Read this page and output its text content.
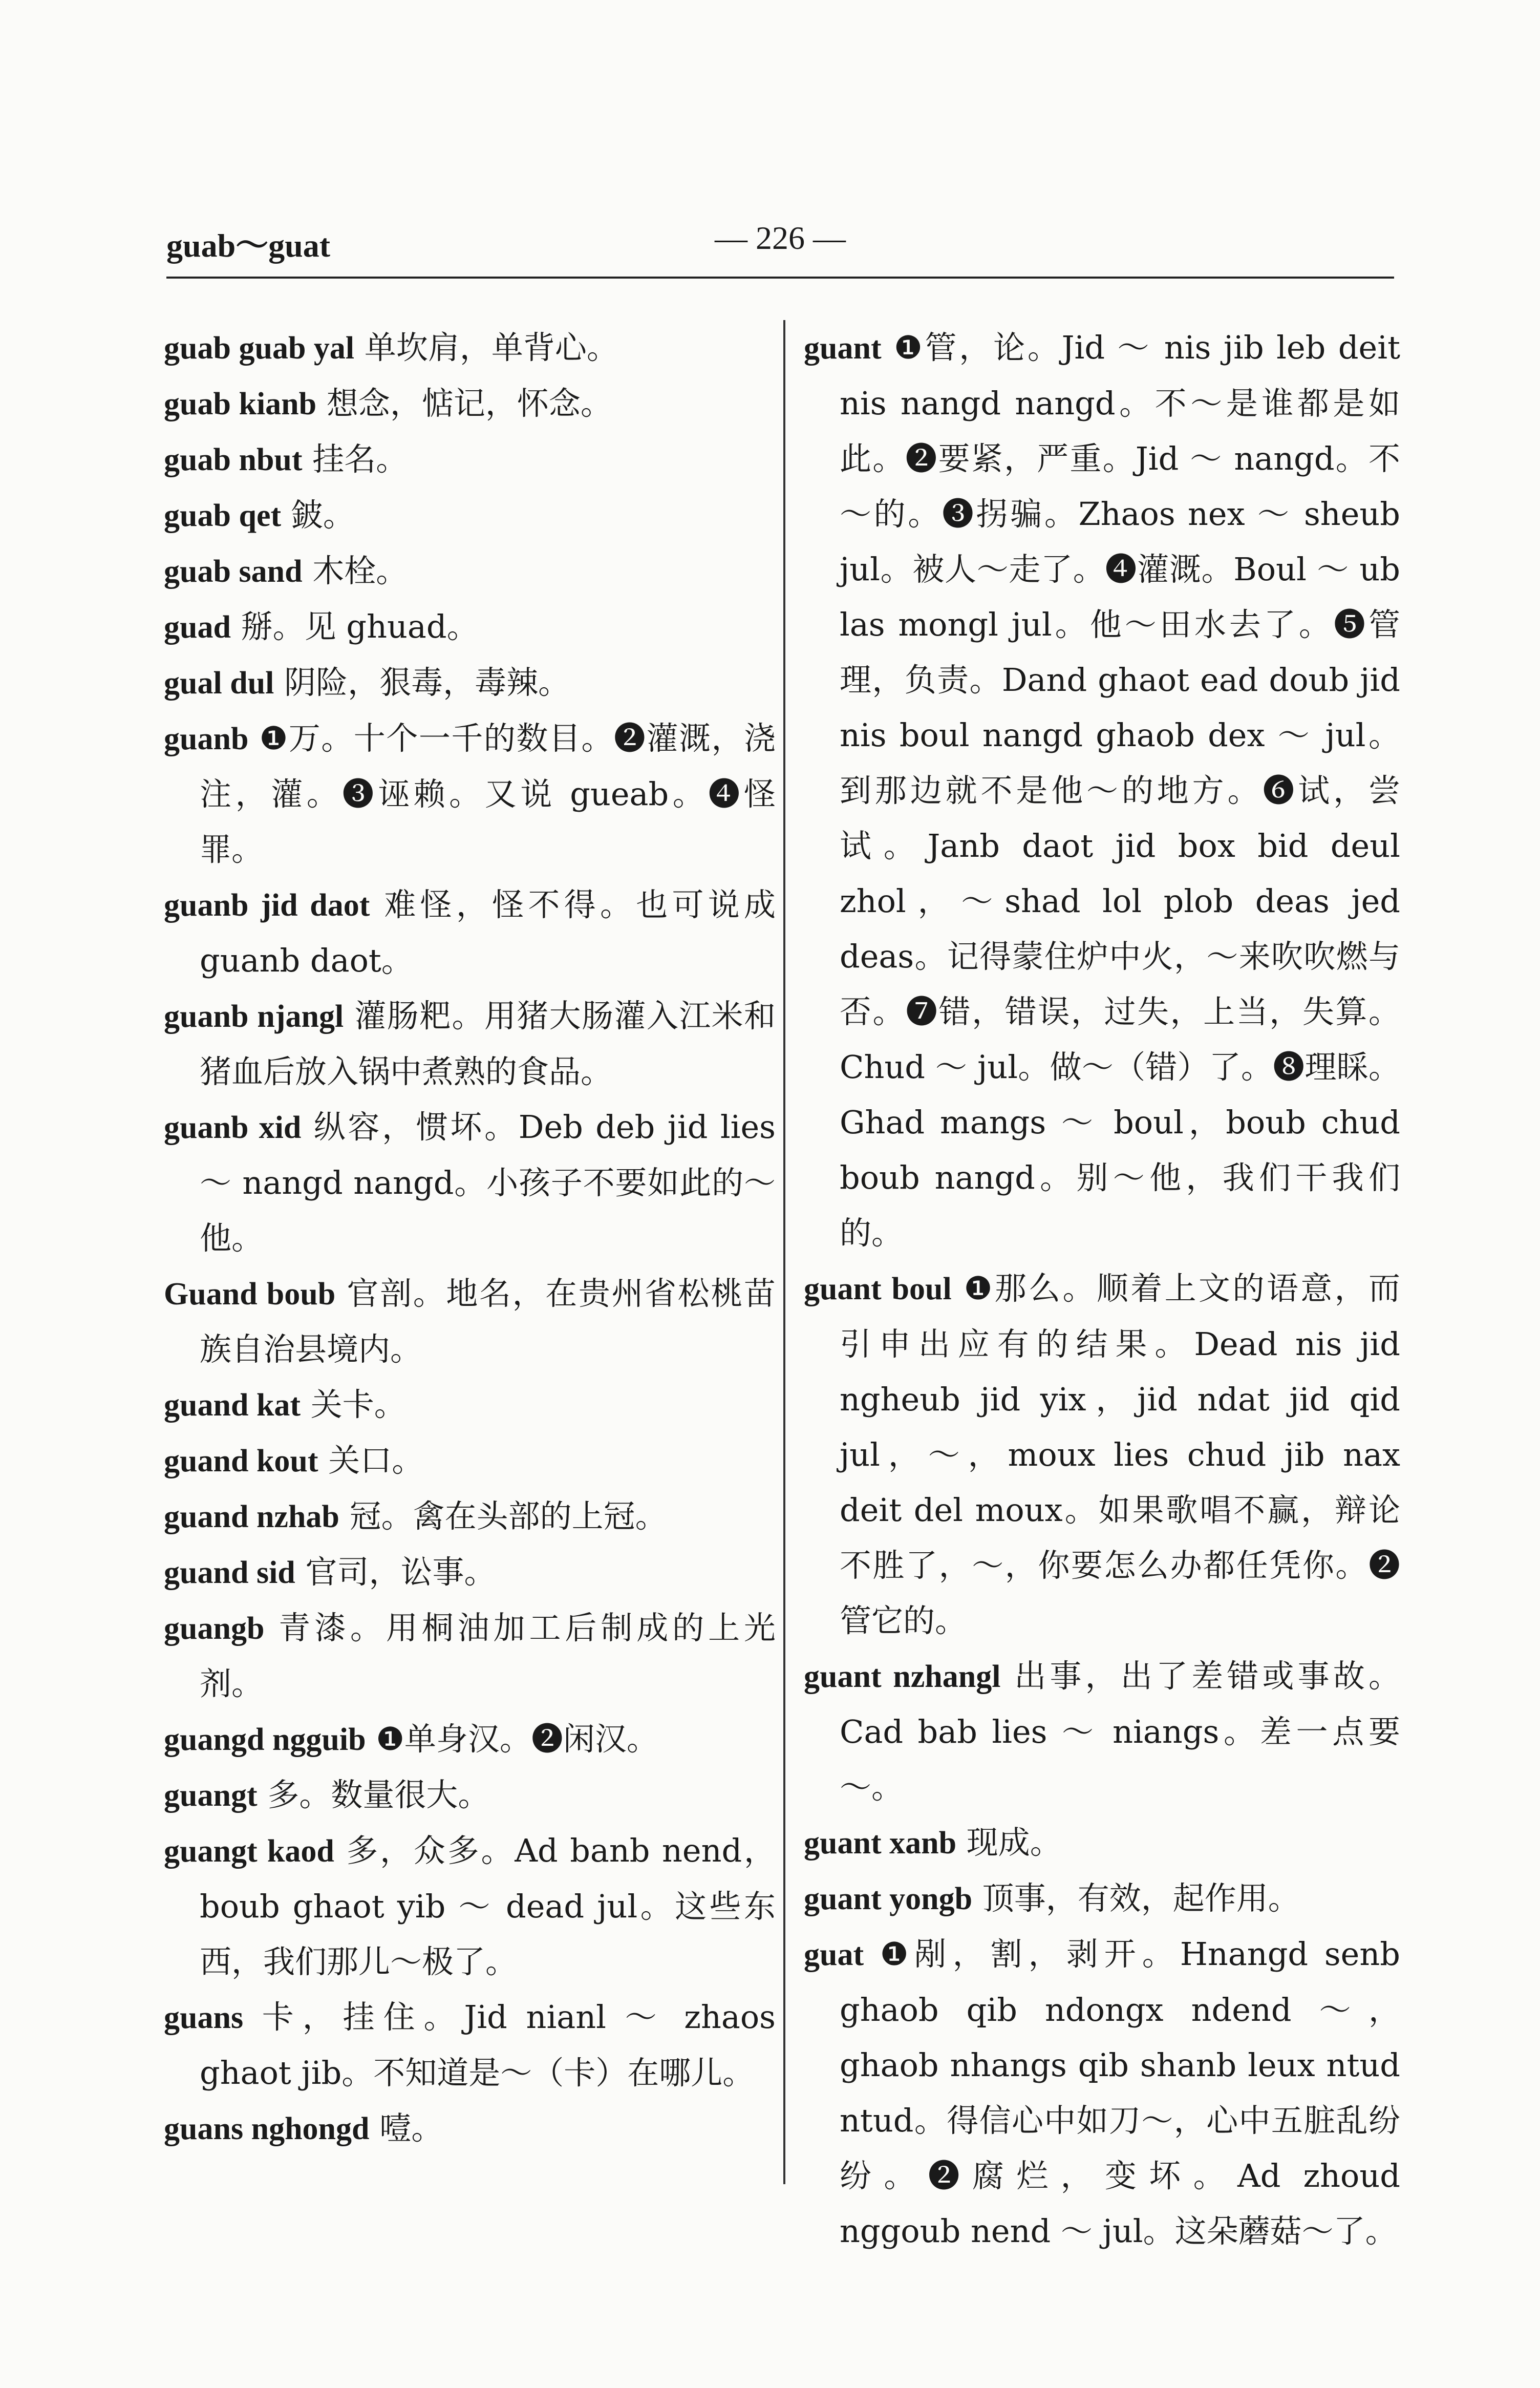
guab～guat	— 226 —
guab guab yal 单坎肩，单背心。
guab kianb 想念，惦记，怀念。
guab nbut 挂名。
guab qet 鈹。
guab sand 木栓。
guad 掰。见 ghuad。
gual dul 阴险，狠毒，毒辣。
guanb ❶万。十个一千的数目。❷灌溉，浇注，灌。❸诬赖。又说 gueab。❹怪罪。
guanb jid daot 难怪，怪不得。也可说成 guanb daot。
guanb njangl 灌肠粑。用猪大肠灌入江米和猪血后放入锅中煮熟的食品。
guanb xid 纵容，惯坏。Deb deb jid lies ～ nangd nangd。小孩子不要如此的～他。
Guand boub 官剖。地名，在贵州省松桃苗族自治县境内。
guand kat 关卡。
guand kout 关口。
guand nzhab 冠。禽在头部的上冠。
guand sid 官司，讼事。
guangb 青漆。用桐油加工后制成的上光剂。
guangd ngguib ❶单身汉。❷闲汉。
guangt 多。数量很大。
guangt kaod 多，众多。Ad banb nend，boub ghaot yib ～ dead jul。这些东西，我们那儿～极了。
guans 卡，挂住。Jid nianl ～ zhaos ghaot jib。不知道是～（卡）在哪儿。
guans nghongd 噎。
guant ❶管，论。Jid ～ nis jib leb deit nis nangd nangd。不～是谁都是如此。❷要紧，严重。Jid ～ nangd。不～的。❸拐骗。Zhaos nex ～ sheub jul。被人～走了。❹灌溉。Boul ～ ub las mongl jul。他～田水去了。❺管理，负责。Dand ghaot ead doub jid nis boul nangd ghaob dex ～ jul。到那边就不是他～的地方。❻试，尝试。Janb daot jid box bid deul zhol，～shad lol plob deas jed deas。记得蒙住炉中火，～来吹吹燃与否。❼错，错误，过失，上当，失算。Chud ～ jul。做～（错）了。❽理睬。Ghad mangs ～ boul，boub chud boub nangd。别～他，我们干我们的。
guant boul ❶那么。顺着上文的语意，而引申出应有的结果。Dead nis jid ngheub jid yix，jid ndat jid qid jul，～，moux lies chud jib nax deit del moux。如果歌唱不赢，辩论不胜了，～，你要怎么办都任凭你。❷管它的。
guant nzhangl 出事，出了差错或事故。Cad bab lies ～ niangs。差一点要～。
guant xanb 现成。
guant yongb 顶事，有效，起作用。
guat ❶剐，割，剥开。Hnangd senb ghaob qib ndongx ndend ～，ghaob nhangs qib shanb leux ntud ntud。得信心中如刀～，心中五脏乱纷纷。❷腐烂，变坏。Ad zhoud nggoub nend ～ jul。这朵蘑菇～了。
